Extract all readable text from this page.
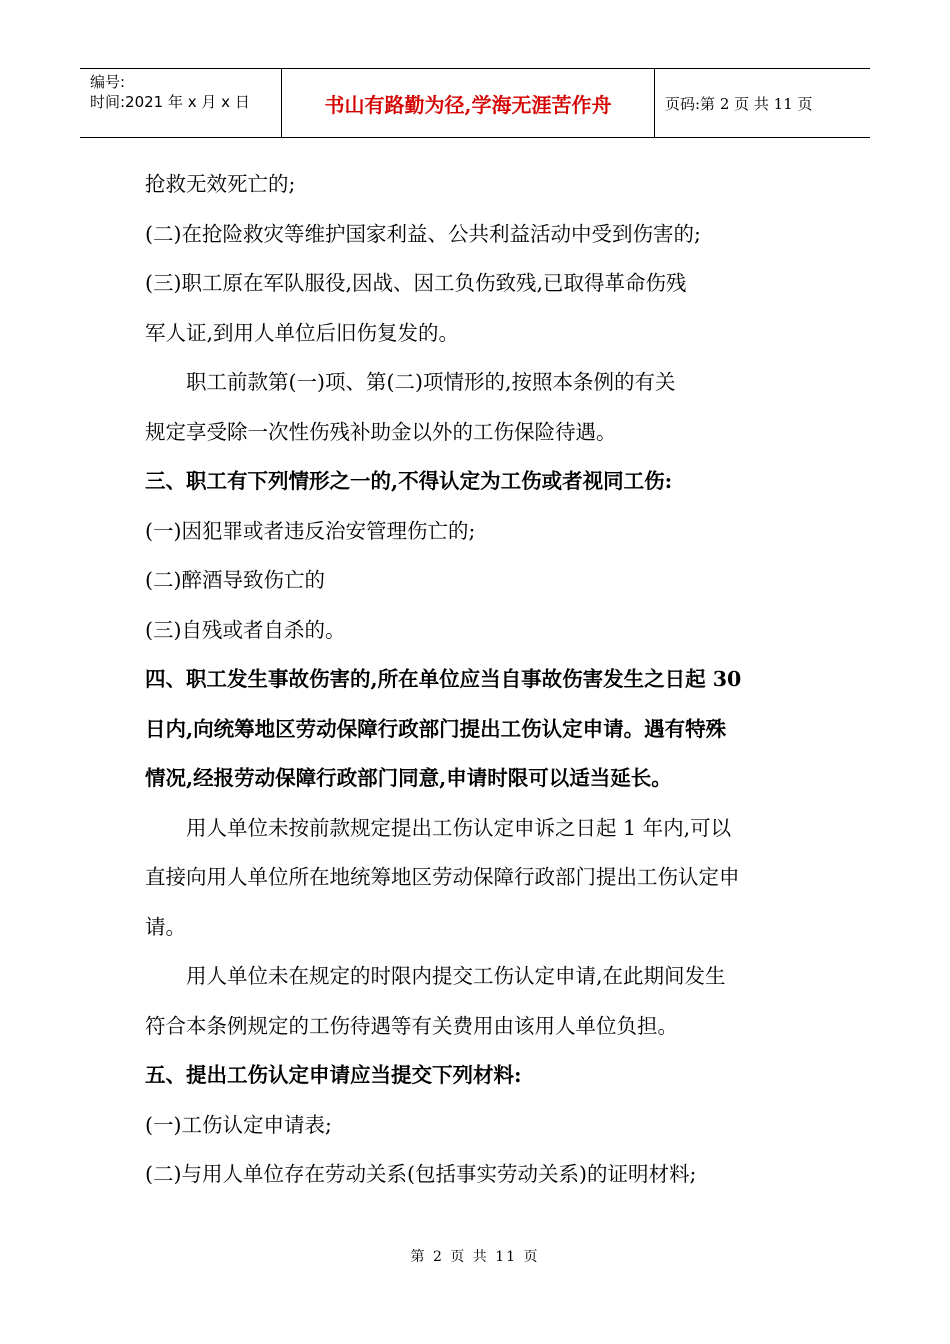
编号:
时间:2021 年 x 月 x 日	书山有路勤为径,学海无涯苦作舟	页码:第 2 页 共 11 页

抢救无效死亡的;

(二)在抢险救灾等维护国家利益、公共利益活动中受到伤害的;

(三)职工原在军队服役,因战、因工负伤致残,已取得革命伤残

军人证,到用人单位后旧伤复发的。

职工前款第(一)项、第(二)项情形的,按照本条例的有关

规定享受除一次性伤残补助金以外的工伤保险待遇。

三、职工有下列情形之一的,不得认定为工伤或者视同工伤:

(一)因犯罪或者违反治安管理伤亡的;

(二)醉酒导致伤亡的

(三)自残或者自杀的。

四、职工发生事故伤害的,所在单位应当自事故伤害发生之日起 30

日内,向统筹地区劳动保障行政部门提出工伤认定申请。遇有特殊

情况,经报劳动保障行政部门同意,申请时限可以适当延长。

用人单位未按前款规定提出工伤认定申诉之日起 1 年内,可以

直接向用人单位所在地统筹地区劳动保障行政部门提出工伤认定申

请。

用人单位未在规定的时限内提交工伤认定申请,在此期间发生

符合本条例规定的工伤待遇等有关费用由该用人单位负担。

五、提出工伤认定申请应当提交下列材料:

(一)工伤认定申请表;

(二)与用人单位存在劳动关系(包括事实劳动关系)的证明材料;

第 2 页 共 11 页
